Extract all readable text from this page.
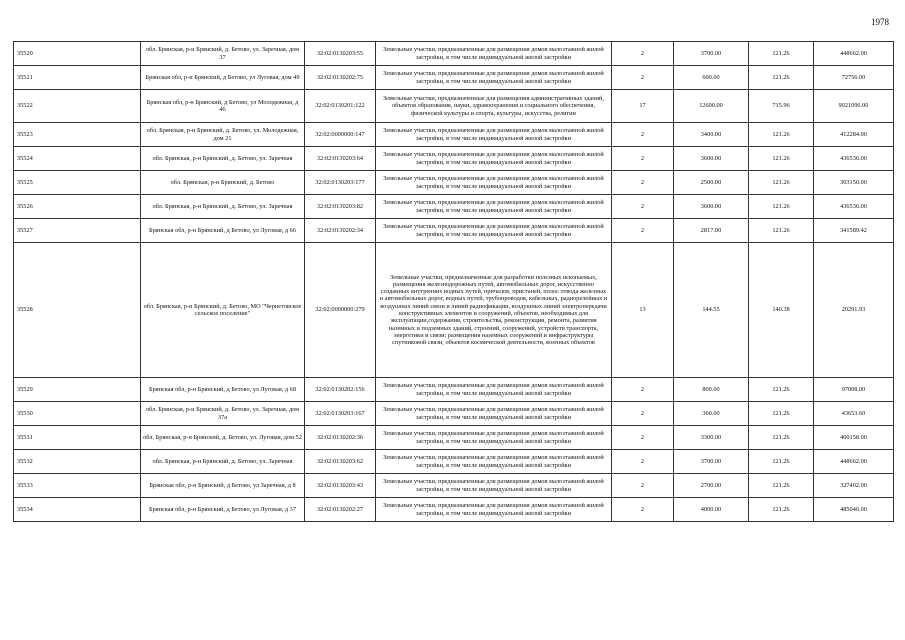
1978
35520	обл. Брянская, р-н Брянский, д. Бетово, ул. Заречная, дом 37	32:02:0130203:55	Земельные участки, предназначенные для размещения домов малоэтажной жилой застройки, в том числе индивидуальной жилой застройки	2	3700.00	121.26	448662.00
35521	Брянская обл, р-н Брянский, д Бетово, ул Луговая, дом 49	32:02:0130202:75	Земельные участки, предназначенные для размещения домов малоэтажной жилой застройки, в том числе индивидуальной жилой застройки	2	600.00	121.26	72756.00
35522	Брянская обл, р-н Брянский, д Бетово, ул Молодежная, д 46	32:02:0130201:122	Земельные участки, предназначенные для размещения административных зданий, объектов образования, науки, здравоохранения и социального обеспечения, физической культуры и спорта, культуры, искусства, религии	17	12600.00	715.96	9021096.00
35523	обл. Брянская, р-н Брянский, д. Бетово, ул. Молодежная, дом 21	32:02:0000000:147	Земельные участки, предназначенные для размещения домов малоэтажной жилой застройки, в том числе индивидуальной жилой застройки	2	3400.00	121.26	412284.00
35524	обл. Брянская, р-н Брянский, д. Бетово, ул. Заречная	32:02:0130203:64	Земельные участки, предназначенные для размещения домов малоэтажной жилой застройки, в том числе индивидуальной жилой застройки	2	3600.00	121.26	436536.00
35525	обл. Брянская, р-н Брянский, д. Бетово	32:02:0130203:177	Земельные участки, предназначенные для размещения домов малоэтажной жилой застройки, в том числе индивидуальной жилой застройки	2	2500.00	121.26	303150.00
35526	обл. Брянская, р-н Брянский, д. Бетово, ул. Заречная	32:02:0130203:82	Земельные участки, предназначенные для размещения домов малоэтажной жилой застройки, в том числе индивидуальной жилой застройки	2	3600.00	121.26	436536.00
35527	Брянская обл, р-н Брянский, д Бетово, ул Луговая, д 66	32:02:0130202:34	Земельные участки, предназначенные для размещения домов малоэтажной жилой застройки, в том числе индивидуальной жилой застройки	2	2817.00	121.26	341589.42
35528	обл. Брянская, р-н Брянский, д. Бетово, МО "Чернетовское сельское поселение"	32:02:0000000:279	Земельные участки, предназначенные для разработки полезных ископаемых, размещения железнодорожных путей, автомобильных дорог, искусственно созданных внутренних водных путей, причалов, пристаней, полос отвода железных и автомобильных дорог, водных путей, трубопроводов, кабельных, радиорелейных и воздушных линий связи и линий радиофикации, воздушных линий электропередачи конструктивных элементов и сооружений, объектов, необходимых для эксплуатации,содержания, строительства, реконструкции, ремонта, развития наземных и подземных зданий, строений, сооружений, устройств транспорта, энергетики и связи; размещения наземных сооружений и инфраструктуры спутниковой связи, объектов космической деятельности, военных объектов	13	144.55	140.38	20291.93
35529	Брянская обл, р-н Брянский, д Бетово, ул Луговая, д 68	32:02:0130202:156	Земельные участки, предназначенные для размещения домов малоэтажной жилой застройки, в том числе индивидуальной жилой застройки	2	800.00	121.26	97008.00
35530	обл. Брянская, р-н Брянский, д. Бетово, ул. Заречная, дом 37а	32:02:0130203:167	Земельные участки, предназначенные для размещения домов малоэтажной жилой застройки, в том числе индивидуальной жилой застройки	2	360.00	121.26	43653.60
35531	обл. Брянская, р-н Брянский, д. Бетово, ул. Луговая, дом 52	32:02:0130202:36	Земельные участки, предназначенные для размещения домов малоэтажной жилой застройки, в том числе индивидуальной жилой застройки	2	3300.00	121.26	400158.00
35532	обл. Брянская, р-н Брянский, д. Бетово, ул. Заречная	32:02:0130203:62	Земельные участки, предназначенные для размещения домов малоэтажной жилой застройки, в том числе индивидуальной жилой застройки	2	3700.00	121.26	448662.00
35533	Брянская обл, р-н Брянский, д Бетово, ул Заречная, д 8	32:02:0130203:43	Земельные участки, предназначенные для размещения домов малоэтажной жилой застройки, в том числе индивидуальной жилой застройки	2	2700.00	121.26	327402.00
35534	Брянская обл, р-н Брянский, д Бетово, ул Луговая, д 37	32:02:0130202:27	Земельные участки, предназначенные для размещения домов малоэтажной жилой застройки, в том числе индивидуальной жилой застройки	2	4000.00	121.26	485040.00
